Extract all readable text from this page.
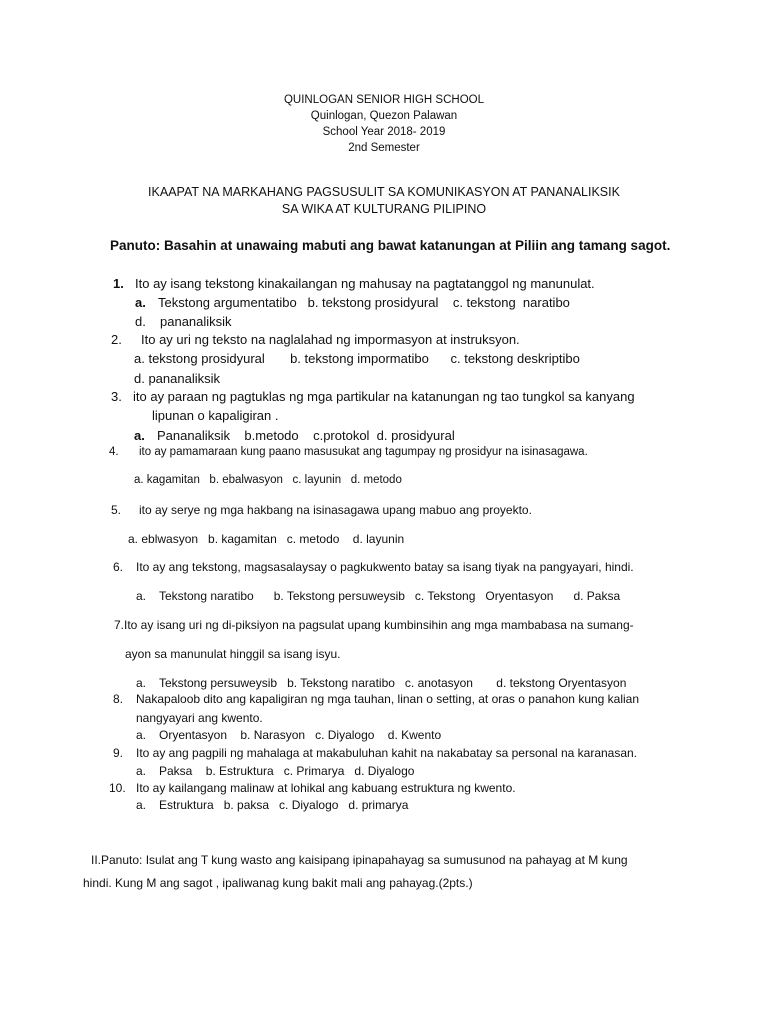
QUINLOGAN SENIOR HIGH SCHOOL

Quinlogan, Quezon Palawan

School Year 2018- 2019

2nd Semester

IKAAPAT NA MARKAHANG PAGSUSULIT SA KOMUNIKASYON AT PANANALIKSIK

SA WIKA AT KULTURANG PILIPINO

Panuto: Basahin at unawaing mabuti ang bawat katanungan at Piliin ang tamang sagot.

1. Ito ay isang tekstong kinakailangan ng mahusay na pagtatanggol ng manunulat.
a. Tekstong argumentatibo   b. tekstong prosidyural    c. tekstong  naratibo
d. pananaliksik
2. Ito ay uri ng teksto na naglalahad ng impormasyon at instruksyon.
a. tekstong prosidyural       b. tekstong impormatibo      c. tekstong deskriptibo
d. pananaliksik
3. ito ay paraan ng pagtuklas ng mga partikular na katanungan ng tao tungkol sa kanyang
lipunan o kapaligiran .
a. Pananaliksik    b.metodo    c.protokol  d. prosidyural
4. ito ay pamamaraan kung paano masusukat ang tagumpay ng prosidyur na isinasagawa.
a. kagamitan   b. ebalwasyon   c. layunin   d. metodo
5. ito ay serye ng mga hakbang na isinasagawa upang mabuo ang proyekto.
a. eblwasyon   b. kagamitan   c. metodo    d. layunin
6. Ito ay ang tekstong, magsasalaysay o pagkukwento batay sa isang tiyak na pangyayari, hindi.
a. Tekstong naratibo      b. Tekstong persuweysib   c. Tekstong   Oryentasyon      d. Paksa
7.Ito ay isang uri ng di-piksiyon na pagsulat upang kumbinsihin ang mga mambabasa na sumang-
ayon sa manunulat hinggil sa isang isyu.
a. Tekstong persuweysib   b. Tekstong naratibo   c. anotasyon       d. tekstong Oryentasyon
8. Nakapaloob dito ang kapaligiran ng mga tauhan, linan o setting, at oras o panahon kung kalian
nangyayari ang kwento.
a. Oryentasyon    b. Narasyon   c. Diyalogo    d. Kwento
9. Ito ay ang pagpili ng mahalaga at makabuluhan kahit na nakabatay sa personal na karanasan.
a. Paksa    b. Estruktura   c. Primarya   d. Diyalogo
10. Ito ay kailangang malinaw at lohikal ang kabuang estruktura ng kwento.
a. Estruktura   b. paksa   c. Diyalogo   d. primarya

II.Panuto: Isulat ang T kung wasto ang kaisipang ipinapahayag sa sumusunod na pahayag at M kung

hindi. Kung M ang sagot , ipaliwanag kung bakit mali ang pahayag.(2pts.)
